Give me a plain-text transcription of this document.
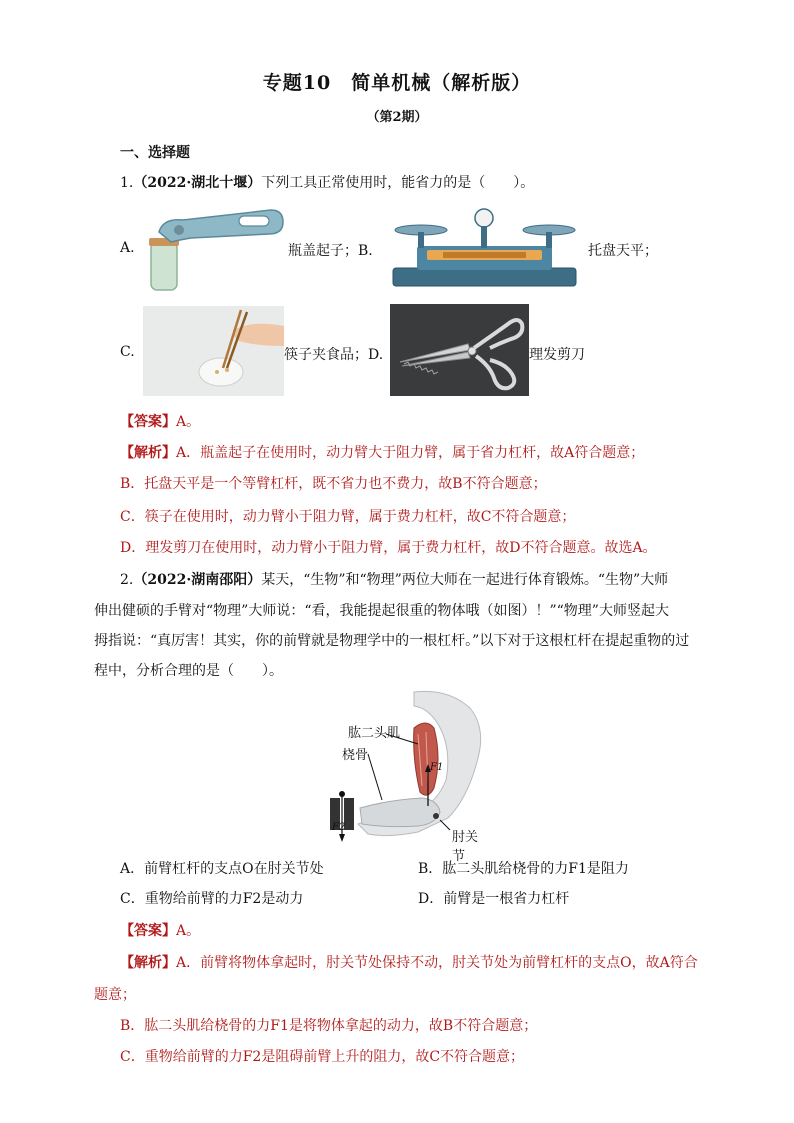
专题10　简单机械（解析版）
（第2期）
一、选择题
1.（2022·湖北十堰）下列工具正常使用时，能省力的是（　　）。
A.	瓶盖起子；B.	托盘天平；
C.	筷子夹食品；D.	理发剪刀
【答案】A。
【解析】A．瓶盖起子在使用时，动力臂大于阻力臂，属于省力杠杆，故A符合题意；
B．托盘天平是一个等臂杠杆，既不省力也不费力，故B不符合题意；
C．筷子在使用时，动力臂小于阻力臂，属于费力杠杆，故C不符合题意；
D．理发剪刀在使用时，动力臂小于阻力臂，属于费力杠杆，故D不符合题意。故选A。
2.（2022·湖南邵阳）某天，“生物”和“物理”两位大师在一起进行体育锻炼。“生物”大师
伸出健硕的手臂对“物理”大师说：“看，我能提起很重的物体哦（如图）！”“物理”大师竖起大
拇指说：“真厉害！其实，你的前臂就是物理学中的一根杠杆。”以下对于这根杠杆在提起重物的过
程中，分析合理的是（　　）。
肱二头肌
桡骨
肘关节
F1
F2
A．前臂杠杆的支点O在肘关节处	B．肱二头肌给桡骨的力F1是阻力
C．重物给前臂的力F2是动力	D．前臂是一根省力杠杆
【答案】A。
【解析】A．前臂将物体拿起时，肘关节处保持不动，肘关节处为前臂杠杆的支点O，故A符合
题意；
B．肱二头肌给桡骨的力F1是将物体拿起的动力，故B不符合题意；
C．重物给前臂的力F2是阻碍前臂上升的阻力，故C不符合题意；
